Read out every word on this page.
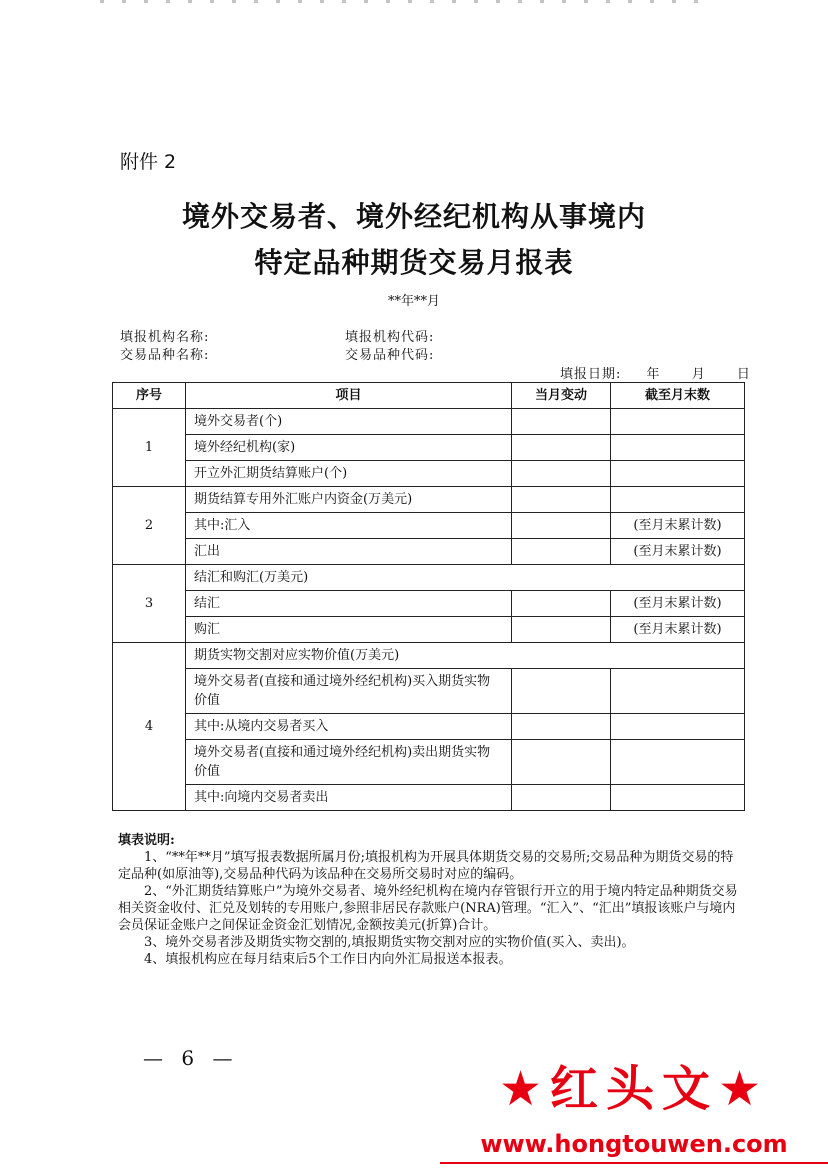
附件 2
境外交易者、境外经纪机构从事境内
特定品种期货交易月报表
**年**月
填报机构名称:	填报机构代码:
交易品种名称:	交易品种代码:
填报日期: 年 月 日
序号	项目	当月变动	截至月末数
1	境外交易者(个)		
	境外经纪机构(家)		
	开立外汇期货结算账户(个)		
2	期货结算专用外汇账户内资金(万美元)		
	其中:汇入		(至月末累计数)
	汇出		(至月末累计数)
3	结汇和购汇(万美元)		
	结汇		(至月末累计数)
	购汇		(至月末累计数)
4	期货实物交割对应实物价值(万美元)		
	境外交易者(直接和通过境外经纪机构)买入期货实物价值		
	其中:从境内交易者买入		
	境外交易者(直接和通过境外经纪机构)卖出期货实物价值		
	其中:向境内交易者卖出		

填表说明:

1、“**年**月”填写报表数据所属月份;填报机构为开展具体期货交易的交易所;交易品种为期货交易的特定品种(如原油等),交易品种代码为该品种在交易所交易时对应的编码。

2、“外汇期货结算账户”为境外交易者、境外经纪机构在境内存管银行开立的用于境内特定品种期货交易相关资金收付、汇兑及划转的专用账户,参照非居民存款账户(NRA)管理。“汇入”、“汇出”填报该账户与境内会员保证金账户之间保证金资金汇划情况,金额按美元(折算)合计。

3、境外交易者涉及期货实物交割的,填报期货实物交割对应的实物价值(买入、卖出)。

4、填报机构应在每月结束后5个工作日内向外汇局报送本报表。

— 6 —
★红头文★
www.hongtouwen.com
